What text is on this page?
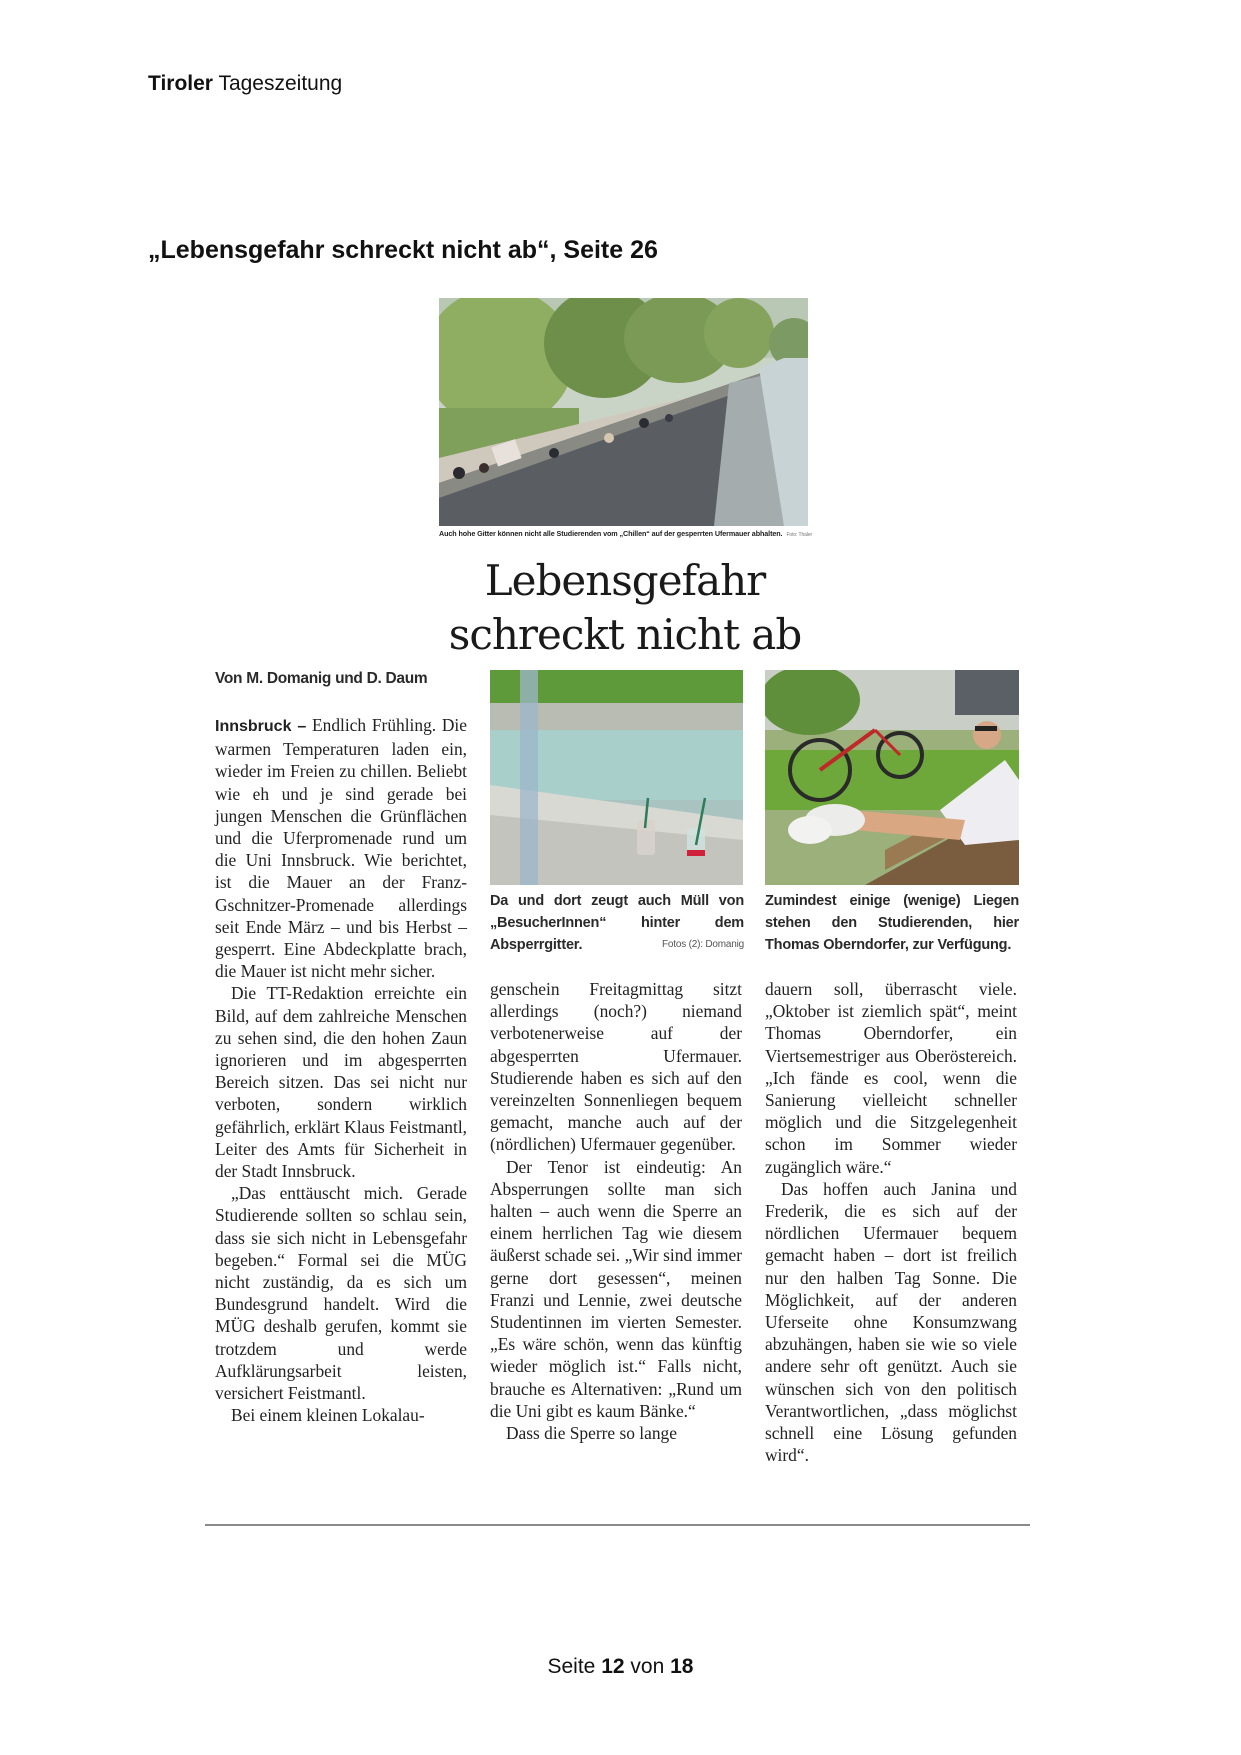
Tiroler Tageszeitung
„Lebensgefahr schreckt nicht ab“, Seite 26
Auch hohe Gitter können nicht alle Studierenden vom „Chillen“ auf der gesperrten Ufermauer abhalten. Foto: Thaler
Lebensgefahr
schreckt nicht ab
Von M. Domanig und D. Daum

Innsbruck – Endlich Frühling. Die warmen Temperaturen laden ein, wieder im Freien zu chillen. Beliebt wie eh und je sind gerade bei jungen Menschen die Grünflächen und die Uferpromenade rund um die Uni Innsbruck. Wie berichtet, ist die Mauer an der Franz-Gschnitzer-Promenade allerdings seit Ende März – und bis Herbst – gesperrt. Eine Abdeckplatte brach, die Mauer ist nicht mehr sicher.

Die TT-Redaktion erreichte ein Bild, auf dem zahlreiche Menschen zu sehen sind, die den hohen Zaun ignorieren und im abgesperrten Bereich sitzen. Das sei nicht nur verboten, sondern wirklich gefährlich, erklärt Klaus Feistmantl, Leiter des Amts für Sicherheit in der Stadt Innsbruck.

„Das enttäuscht mich. Gerade Studierende sollten so schlau sein, dass sie sich nicht in Lebensgefahr begeben.“ Formal sei die MÜG nicht zuständig, da es sich um Bundesgrund handelt. Wird die MÜG deshalb gerufen, kommt sie trotzdem und werde Aufklärungsarbeit leisten, versichert Feistmantl.

Bei einem kleinen Lokalau-

Da und dort zeugt auch Müll von „BesucherInnen“ hinter dem Absperrgitter.	Fotos (2): Domanig
Zumindest einige (wenige) Liegen stehen den Studierenden, hier Thomas Oberndorfer, zur Verfügung.

genschein Freitagmittag sitzt allerdings (noch?) niemand verbotenerweise auf der abgesperrten Ufermauer. Studierende haben es sich auf den vereinzelten Sonnenliegen bequem gemacht, manche auch auf der (nördlichen) Ufermauer gegenüber.

Der Tenor ist eindeutig: An Absperrungen sollte man sich halten – auch wenn die Sperre an einem herrlichen Tag wie diesem äußerst schade sei. „Wir sind immer gerne dort gesessen“, meinen Franzi und Lennie, zwei deutsche Studentinnen im vierten Semester. „Es wäre schön, wenn das künftig wieder möglich ist.“ Falls nicht, brauche es Alternativen: „Rund um die Uni gibt es kaum Bänke.“

Dass die Sperre so lange

dauern soll, überrascht viele. „Oktober ist ziemlich spät“, meint Thomas Oberndorfer, ein Viertsemestriger aus Oberöstereich. „Ich fände es cool, wenn die Sanierung vielleicht schneller möglich und die Sitzgelegenheit schon im Sommer wieder zugänglich wäre.“

Das hoffen auch Janina und Frederik, die es sich auf der nördlichen Ufermauer bequem gemacht haben – dort ist freilich nur den halben Tag Sonne. Die Möglichkeit, auf der anderen Uferseite ohne Konsumzwang abzuhängen, haben sie wie so viele andere sehr oft genützt. Auch sie wünschen sich von den politisch Verantwortlichen, „dass möglichst schnell eine Lösung gefunden wird“.

Seite 12 von 18
